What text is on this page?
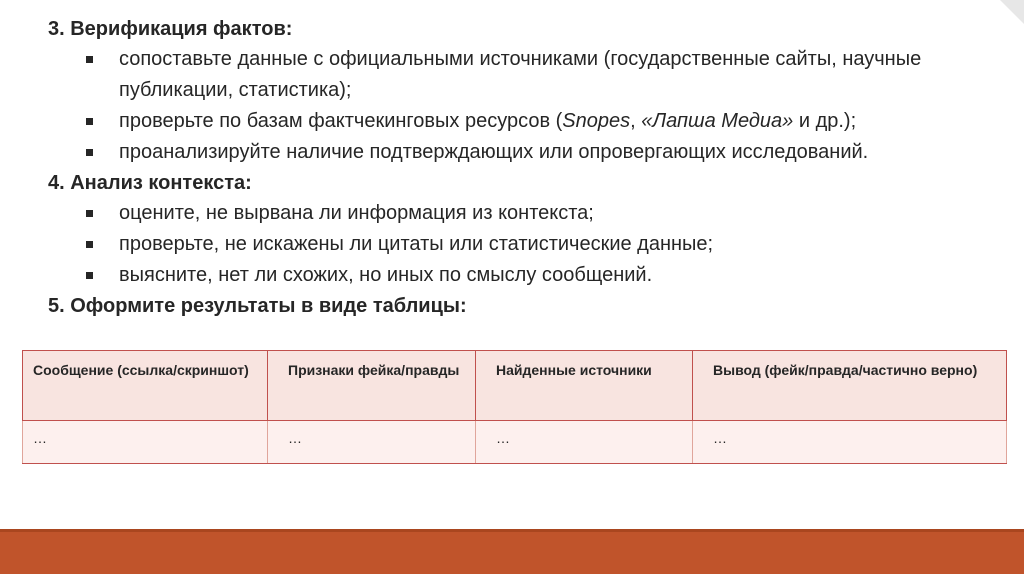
3. Верификация фактов:
сопоставьте данные с официальными источниками (государственные сайты, научные публикации, статистика);
проверьте по базам фактчекинговых ресурсов (Snopes, «Лапша Медиа» и др.);
проанализируйте наличие подтверждающих или опровергающих исследований.
4. Анализ контекста:
оцените, не вырвана ли информация из контекста;
проверьте, не искажены ли цитаты или статистические данные;
выясните, нет ли схожих, но иных по смыслу сообщений.
5. Оформите результаты в виде таблицы:
Сообщение (ссылка/скриншот)	Признаки фейка/правды	Найденные источники	Вывод (фейк/правда/частично верно)
…	…	…	…
